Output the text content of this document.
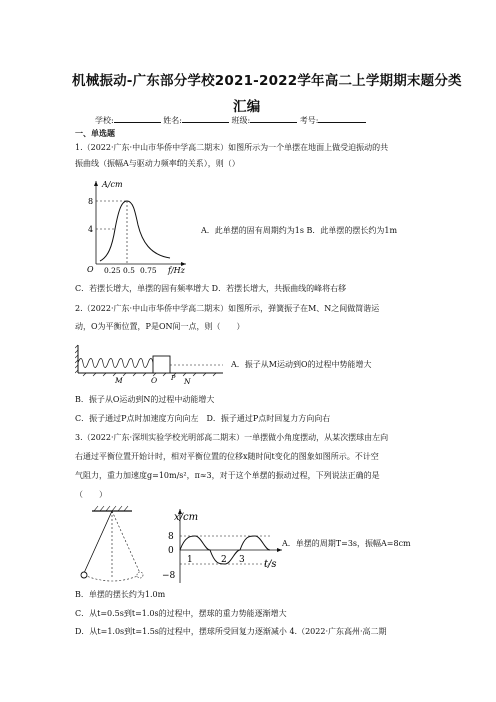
机械振动-广东部分学校2021-2022学年高二上学期期末题分类
汇编
学校:	姓名:	班级:	考号:
一、单选题
1.（2022·广东·中山市华侨中学高二期末）如图所示为一个单摆在地面上做受迫振动的共
振曲线（振幅A与驱动力频率f的关系），则（）
A/cm
8
4
O 0.25 0.5 0.75 f/Hz
A．此单摆的固有周期约为1s B．此单摆的摆长约为1m
C．若摆长增大，单摆的固有频率增大 D．若摆长增大，共振曲线的峰将右移
2.（2022·广东·中山市华侨中学高二期末）如图所示，弹簧振子在M、N之间做简谐运
动，O为平衡位置，P是ON间一点，则（　　）
M	O P N
A．振子从M运动到O的过程中势能增大
B．振子从O运动到N的过程中动能增大
C．振子通过P点时加速度方向向左　D．振子通过P点时回复力方向向右
3.（2022·广东·深圳实验学校光明部高二期末）一单摆做小角度摆动，从某次摆球由左向
右通过平衡位置开始计时，相对平衡位置的位移x随时间t变化的图象如图所示。不计空
气阻力，重力加速度g=10m/s²，π≈3，对于这个单摆的振动过程，下列说法正确的是
（　　）
x/cm
8
0
−8
1	2 3 t/s
A．单摆的周期T=3s，振幅A=8cm
B．单摆的摆长约为1.0m
C．从t=0.5s到t=1.0s的过程中，摆球的重力势能逐渐增大
D．从t=1.0s到t=1.5s的过程中，摆球所受回复力逐渐减小 4.（2022·广东高州·高二期
